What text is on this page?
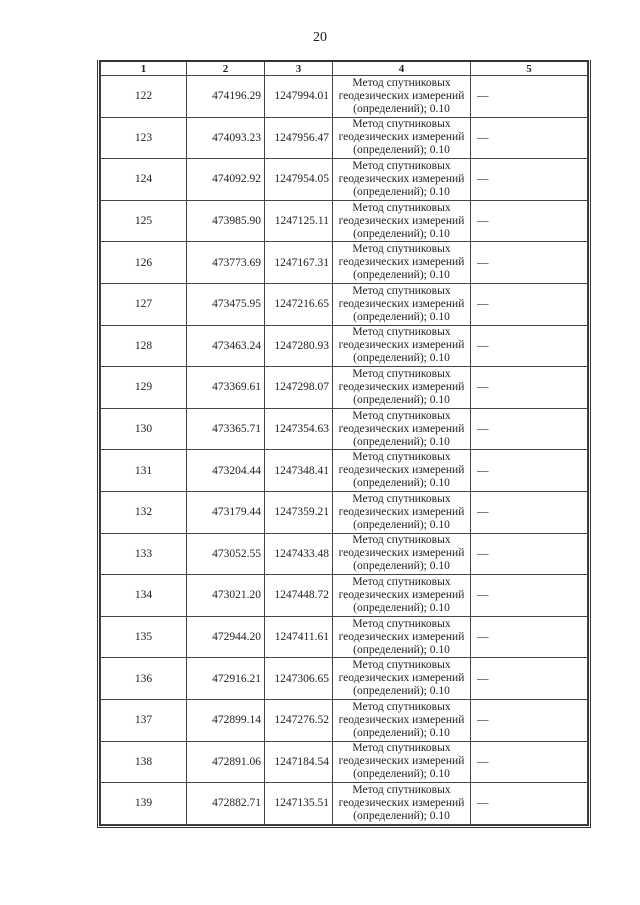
20
1	2	3	4	5
122	474196.29	1247994.01	Метод спутниковых
геодезических измерений
(определений); 0.10	—
123	474093.23	1247956.47	Метод спутниковых
геодезических измерений
(определений); 0.10	—
124	474092.92	1247954.05	Метод спутниковых
геодезических измерений
(определений); 0.10	—
125	473985.90	1247125.11	Метод спутниковых
геодезических измерений
(определений); 0.10	—
126	473773.69	1247167.31	Метод спутниковых
геодезических измерений
(определений); 0.10	—
127	473475.95	1247216.65	Метод спутниковых
геодезических измерений
(определений); 0.10	—
128	473463.24	1247280.93	Метод спутниковых
геодезических измерений
(определений); 0.10	—
129	473369.61	1247298.07	Метод спутниковых
геодезических измерений
(определений); 0.10	—
130	473365.71	1247354.63	Метод спутниковых
геодезических измерений
(определений); 0.10	—
131	473204.44	1247348.41	Метод спутниковых
геодезических измерений
(определений); 0.10	—
132	473179.44	1247359.21	Метод спутниковых
геодезических измерений
(определений); 0.10	—
133	473052.55	1247433.48	Метод спутниковых
геодезических измерений
(определений); 0.10	—
134	473021.20	1247448.72	Метод спутниковых
геодезических измерений
(определений); 0.10	—
135	472944.20	1247411.61	Метод спутниковых
геодезических измерений
(определений); 0.10	—
136	472916.21	1247306.65	Метод спутниковых
геодезических измерений
(определений); 0.10	—
137	472899.14	1247276.52	Метод спутниковых
геодезических измерений
(определений); 0.10	—
138	472891.06	1247184.54	Метод спутниковых
геодезических измерений
(определений); 0.10	—
139	472882.71	1247135.51	Метод спутниковых
геодезических измерений
(определений); 0.10	—
